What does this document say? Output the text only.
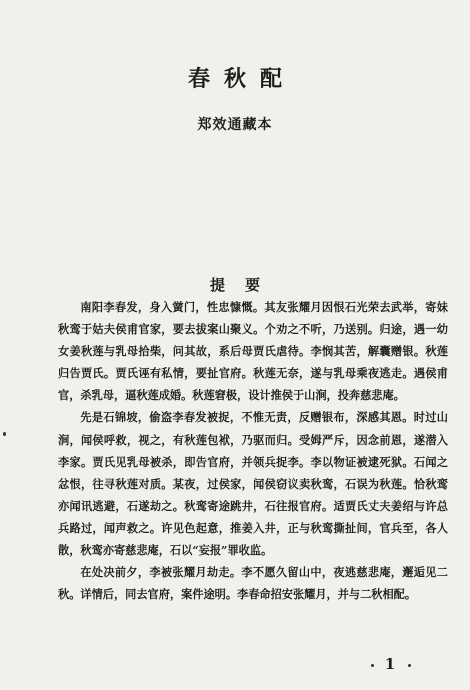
春秋配
郑效通藏本
提要

南阳李春发，身入黉门，性忠慷慨。其友张耀月因恨石光荣去武举，寄妹秋鸾于姑夫侯甫官家，要去拔案山聚义。个劝之不听，乃送别。归途，遇一幼女姜秋莲与乳母拾柴，问其故，系后母贾氏虐待。李悯其苦，解囊赠银。秋莲归告贾氏。贾氏诬有私情，要扯官府。秋莲无奈，遂与乳母乘夜逃走。遇侯甫官，杀乳母，逼秋莲成婚。秋莲窘极，设计推侯于山涧，投奔慈悲庵。

先是石锦坡，偷盗李春发被捉，不惟无责，反赠银布，深感其恩。时过山涧，闻侯呼救，视之，有秋莲包袱，乃驱而归。受姆严斥，因念前恩，遂潜入李家。贾氏见乳母被杀，即告官府，并领兵捉李。李以物证被逮死狱。石闻之忿恨，往寻秋莲对质。某夜，过侯家，闻侯窃议卖秋鸾，石误为秋莲。恰秋鸾亦闻讯逃避，石遂劫之。秋鸾寄途跳井，石往报官府。适贾氏丈夫姜绍与许总兵路过，闻声救之。许见色起意，推姜入井，正与秋鸾撕扯间，官兵至，各人散，秋鸾亦寄慈悲庵，石以“妄报”罪收监。

在处决前夕，李被张耀月劫走。李不愿久留山中，夜逃慈悲庵，邂逅见二秋。详情后，同去官府，案件途明。李春命招安张耀月，并与二秋相配。

1
